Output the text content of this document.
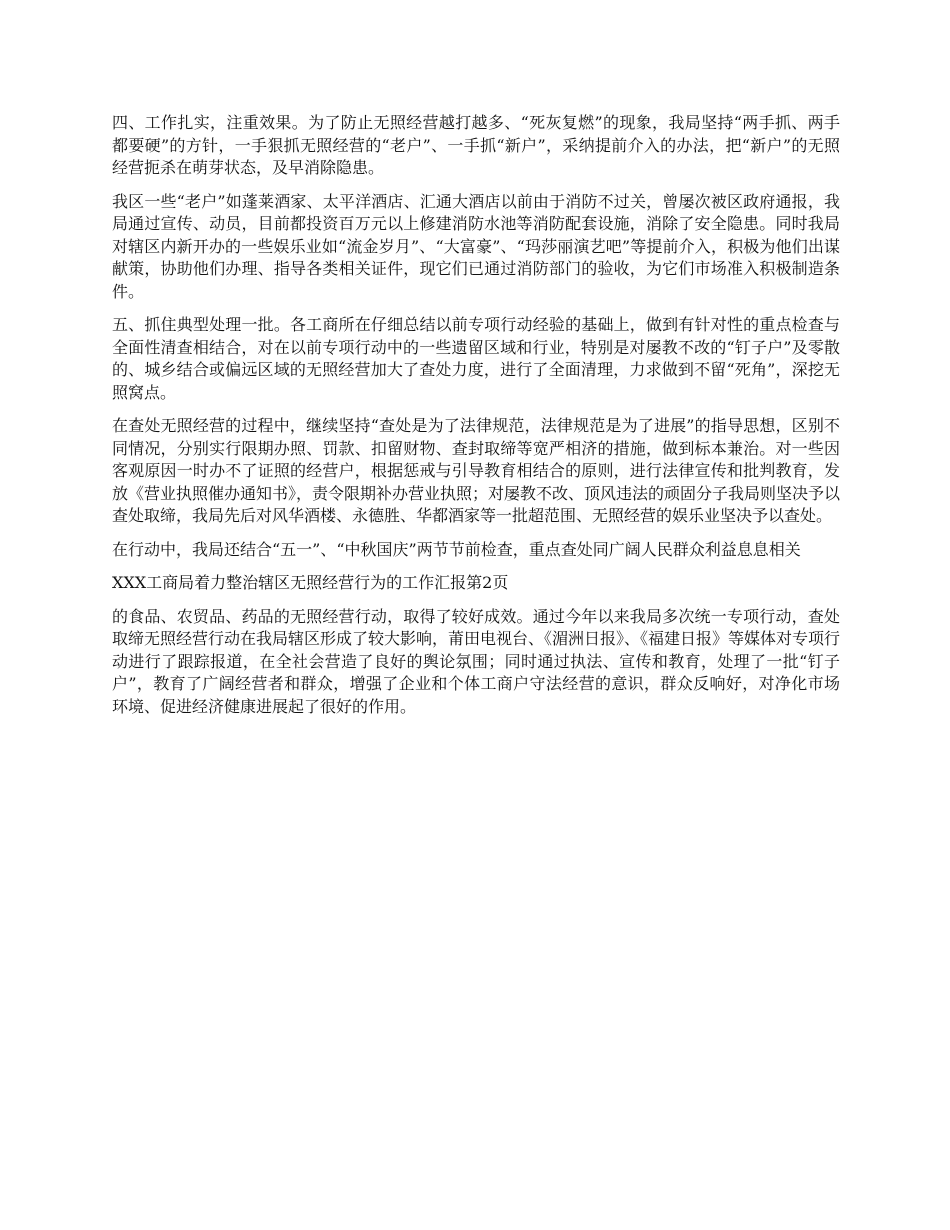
四、工作扎实，注重效果。为了防止无照经营越打越多、“死灰复燃”的现象，我局坚持“两手抓、两手都要硬”的方针，一手狠抓无照经营的“老户”、一手抓“新户”，采纳提前介入的办法，把“新户”的无照经营扼杀在萌芽状态，及早消除隐患。

我区一些“老户”如蓬莱酒家、太平洋酒店、汇通大酒店以前由于消防不过关，曾屡次被区政府通报，我局通过宣传、动员，目前都投资百万元以上修建消防水池等消防配套设施，消除了安全隐患。同时我局对辖区内新开办的一些娱乐业如“流金岁月”、“大富豪”、“玛莎丽演艺吧”等提前介入，积极为他们出谋献策，协助他们办理、指导各类相关证件，现它们已通过消防部门的验收，为它们市场准入积极制造条件。

五、抓住典型处理一批。各工商所在仔细总结以前专项行动经验的基础上，做到有针对性的重点检查与全面性清查相结合，对在以前专项行动中的一些遗留区域和行业，特别是对屡教不改的“钉子户”及零散的、城乡结合或偏远区域的无照经营加大了查处力度，进行了全面清理，力求做到不留“死角”，深挖无照窝点。

在查处无照经营的过程中，继续坚持“查处是为了法律规范，法律规范是为了进展”的指导思想，区别不同情况，分别实行限期办照、罚款、扣留财物、查封取缔等宽严相济的措施，做到标本兼治。对一些因客观原因一时办不了证照的经营户，根据惩戒与引导教育相结合的原则，进行法律宣传和批判教育，发放《营业执照催办通知书》，责令限期补办营业执照；对屡教不改、顶风违法的顽固分子我局则坚决予以查处取缔，我局先后对风华酒楼、永德胜、华都酒家等一批超范围、无照经营的娱乐业坚决予以查处。

在行动中，我局还结合“五一”、“中秋国庆”两节节前检查，重点查处同广阔人民群众利益息息相关

XXX工商局着力整治辖区无照经营行为的工作汇报第2页

的食品、农贸品、药品的无照经营行动，取得了较好成效。通过今年以来我局多次统一专项行动，查处取缔无照经营行动在我局辖区形成了较大影响，莆田电视台、《湄洲日报》、《福建日报》等媒体对专项行动进行了跟踪报道，在全社会营造了良好的舆论氛围；同时通过执法、宣传和教育，处理了一批“钉子户”，教育了广阔经营者和群众，增强了企业和个体工商户守法经营的意识，群众反响好，对净化市场环境、促进经济健康进展起了很好的作用。
